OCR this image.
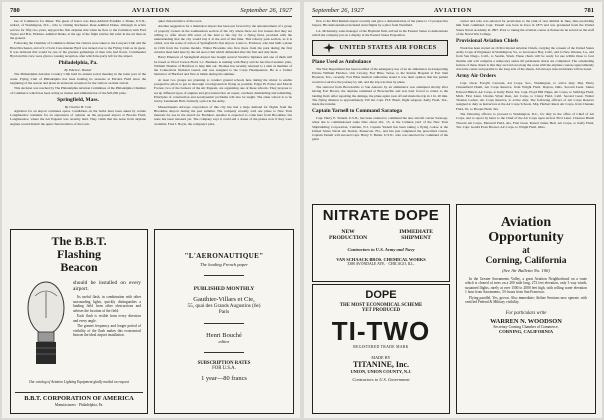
780	AVIATION	September 26, 1927

bee of Commerce for dinner. The guest of honor was Rear-Admiral Franklin J. Drake, U.S.N., retired, of Washington, D.C., who is visiting Rochester. Rear-Admiral Drake, although in active service for fifty-two years, enjoyed his first airplane ride when he flew to the formation with Fred Taylor and H.G. Holmes. Admiral Drake, at the age of the flight said he felt safer in the air than on the ground.

Following the Chamber of Commerce dinner the visitors were taken to the Lawyers Club and the Hotel Rochester, and at 9 o'clock Casa mander Byrd was turned over to the Flying Club as its guest. It was believed this would be one of the greatest gatherings of men who had flown. Commander Byrd and his crew were given a rousing reception, after which the party left for the airport.

Philadelphia, Pa.
By Edwin L. Booker

The Philadelphia Aviation Country Club held its annual social meeting in the latter part of the week. Flying Club of Philadelphia has been holding its sessions at Pitcairn Field since the beginning of the season and plans an elaborate reception for the visitors on their arrival.

This decision was reached by The Philadelphia Aviation Committee of the Philadelphia Chamber of Commerce which has been acting as trustee and administrator of the $25,000 prize.

Springfield, Mass.
By Charles H. Cole

Agitation for an airport continues apace. Candidates on the ballot have been asked by certain Longmeadow residents for an expression of opinion on the proposed airport at Bowles Field, Longmeadow, where the Air Pageant was recently held. They claim that the noise from airplane engines would disturb the quiet characteristics of the town.

quiet characteristics of the town.

Another suggestion for a municipal airport has been put forward by the announcement of a group of property owners in the southeastern section of the city where there are few houses that they are willing to offer about 200 acres of the land to the city for a flying field, provided with the understanding that the city would buy it at the end of that time. This Liberty park section, as it is called, was the scene of action of Springfield's first airport, Louis G. Erickson, who had built a plane in 1916 from the Curtiss models. Walter Brookins also flew there from the park during the first aviation meet held here by the old Aero Club which disbanded after the first and only meet.

Harry Emerson of Springfield Airport has bought several Swallow biplanes and one of them will be based at Wood Carson Field, L.I. Business is rushing with Harry and he has hired another pilot, William Thomas of Hartford, to help him out. Thomas has recently returned to a stint as member of the Connecticut National Guard, and was assigned to the Corps Headquarters. He is a former instructor of Hartford and flew at Orkin during the summer.

At least two groups are planning to conduct ground schools here during the winter to enable prospective pilots to get as thorough a background in flying as possible. Edgar H. Foster and Morris Forrest, two of the backers of the Air Pageant, are organizing one of these schools. They propose to set up different types of engines and give instruction on repair, overhaul, dismantling and rebuilding. Principles of construction and aerodynamic problems will also be taught. The other school is to be run by Lieutenant Hall, formerly a pilot in the Army.

Massachusetts Airways corporation of this city has had a large demand for flights from the Brookline Airport during the past summer. The company recently sold one plane to New York interests for use in the search for Bochkon. Another is expected to come here from Brookline, but none has been released yet. The company says it could sell a dozen of the planes now if they were available. Fred J. Boyle, the company's pilot,

The B.B.T.
Flashing
Beacon
should be installed on every airport.

Its useful flash, in combination with other surrounding lights, quickly distinguishes a landing field from other obstructions and advises the location of the field.

Each flash is visible from every direction and every angle.

The greater frequency and longer period of visibility of the flash makes this economical beacon the ideal airport installation.

Our catalog of Aviation Lighting Equipment gladly mailed on request
B.B.T. CORPORATION OF AMERICA
Manufacturers · Philadelphia, Pa.
"L'AERONAUTIQUE"
The leading French paper
PUBLISHED MONTHLY
Gauthier-Villars et Cie,
55, quai des Grands Augustins (6e)
Paris
Henri Bouché
editor
SUBSCRIPTION RATES
FOR U.S.A.
1 year—80 francs
September 26, 1927	AVIATION	781

flew to the Bird Rankin airport recently and gave a demonstration of the plane to 15 prospective buyers. His demonstration included stunt flights by a pilot from Westfield.

J.A. McGinnity, sales manager of the Hayhurst firm, arrived in the Eastern States to demonstrate which the company put on a display at the Eastern States Exposition.

UNITED STATES AIR FORCES
Plane Used as Ambulance

The War Department has been notified of the emergency use of an air ambulance in transporting Private William Fletcher, 11th Cavalry, Fort Bliss, Texas, to the Station Hospital at Fort Sam Houston, Tex., recently. Fort Bliss medical authorities stated it was their opinion that the patient would not survive the journey by rail, and the trip was thus by plane.

The removal from Brownsville to San Antonio by air ambulance was attempted shortly after having Fort Brown, the airplane remained at Brownsville and was later forced to return to the landing field. After repairing the damage, the plane again took off and made the trip in 1 hr. 20 min. The flying distance is approximately 250 mi. Capt. H.T. Brant, flight surgeon, Kelly Field, Tex., made the transfer.

Captain Yarnell to Command Saratoga

Capt. Harry E. Yarnell, U.S.N., has been ordered to command the new aircraft carrier Saratoga, when she is commissioned some time about Oct. 15, at the Camden yard of the New York Shipbuilding Corporation, Camden, N.J. Captain Yarnell has been taking a flying course at the United States Naval Air Station, Pensacola, Fla., and has just completed the prescribed course. Captain Yarnell will succeed Capt. Harry V. Butler, U.S.N., who was selected for command of the giant

carrier and who was selected for promotion to the rank of rear admiral in June, thus precluding him from command. Capt. Yarnell was born in Iowa in 1875 and was graduated from the United States Naval Academy in 1897. Prior to taking the aviation course at Pensacola he served on the staff of the Naval War College.

Provisional Aviation Chiefs

Work has been started on 16 Provisional Aviation Chiefs, carrying the consent of the United States Army Corps of Engineers in Washington, Va., to Grosvenor Bay, Calif., and to New Orleans, La., and from San Diego, Calif., to Seattle, Wash. These charts will be ready for use within three to four months and will comprise a temporary series till permanent charts are completed. The outstanding feature of these charts is that they are laid out along the coast with the airplane courses approximately down the center and parallel to the long axis of the sheets. All airways runs and marks will be noted.

Army Air Orders

Capt. Oscar Forsyth Carwsun, Air Corps, Sec., Washington, to active duty. Maj. Harry Chesterfield Drum, Air Corps Reserve, from Wright Field, Dayton, Ohio. Second Lieut. James Edward Hallett, Air Corps, to Kelly Field, Tex. Capt. Floyd Hill Nipps, Air Corps, to Selfridge Field, Mich. First Lieut. Charles Wyatt Rust, Air Corps, to Crissy Field, Calif. Second Lieut. Walter Thomas Lacher, Air Corps Reserve, to active duty. The following officers of Air Corps Reserve assigned to duty as instructors at the Air Corps Schools. Maj. Herbert Reed, Air Corps, from Chanute Field, Ill., to Brooks Field, Tex.

The following officers to proceed to Washington, D.C., for duty in the office of Chief of Air Corps, and to report by letter to the Chief of the Air Corps upon arrival. First Lieut. Clarence Brush Vincent Air Corps, Maxwell Field, Ala. First Lieut. Robert James Heil, Air Corps, to Kelly Field, Tex. Capt. Gerald Evan Brower, Air Corps, to Wright Field, Ohio.

NITRATE DOPE
NEW
PRODUCTION
IMMEDIATE
SHIPMENT
Contractors to U.S. Army and Navy
VAN SCHAACK BROS. CHEMICAL WORKS
3380 AVONDALE AVE. · CHICAGO, ILL.
DOPE
THE MOST ECONOMICAL SCHEME
YET PRODUCED
TI-TWO
REGISTERED TRADE MARK
MADE BY
TITANINE, Inc.
UNION, UNION COUNTY, N.J.
Contractors to U.S. Government
Aviation
Opportunity
at
Corning, California
(See Air Bulletin No. 106)

In the Greater Sacramento Valley, a great Aviation Neighborhood on a route which is cleared of trees on a 200 mile long, 272 feet elevation, only 3 way winds, sustained flights, rarely at over 1500 to 2000 feet high, with rolling water elevation 1 hour from Sacramento, 3½ hours from San Francisco.

Flying parallel, Yes, grown. Also immediate; Airline Sessions now operate, with certified Federal & Military visibility.

For particulars write
WARREN N. WOODSON
Secretary Corning Chamber of Commerce,
CORNING, CALIFORNIA
